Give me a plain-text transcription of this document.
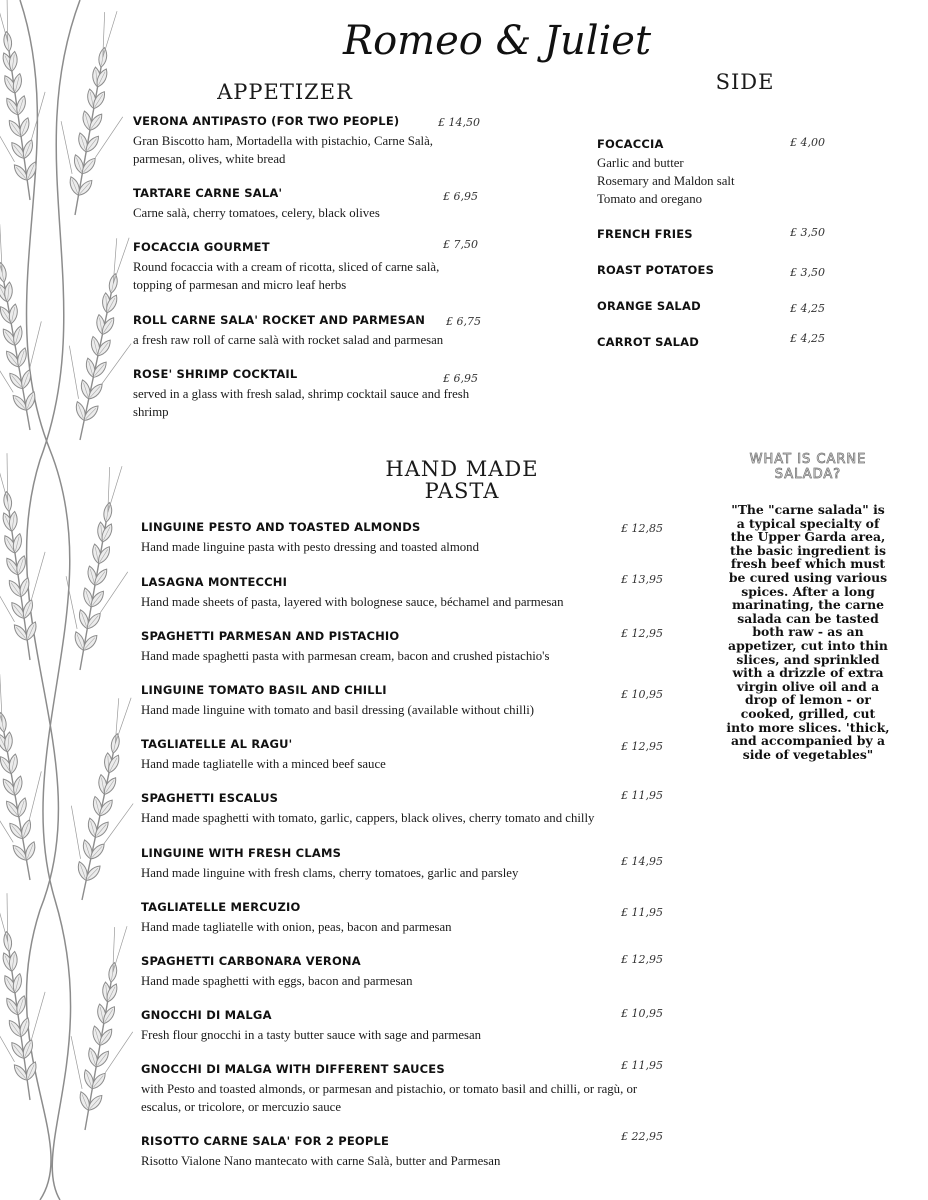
Romeo & Juliet
APPETIZER
VERONA ANTIPASTO (FOR TWO PEOPLE)
Gran Biscotto ham, Mortadella with pistachio, Carne Salà, parmesan, olives, white bread
£ 14,50
TARTARE CARNE SALA'
Carne salà, cherry tomatoes, celery, black olives
£ 6,95
FOCACCIA GOURMET
Round focaccia with a cream of ricotta, sliced of carne salà, topping of parmesan and micro leaf herbs
£ 7,50
ROLL CARNE SALA' ROCKET AND PARMESAN
a fresh raw roll of carne salà with rocket salad and parmesan
£ 6,75
ROSE' SHRIMP COCKTAIL
served in a glass with fresh salad, shrimp cocktail sauce and fresh shrimp
£ 6,95
SIDE
FOCACCIA
Garlic and butter
Rosemary and Maldon salt
Tomato and oregano
£ 4,00
FRENCH FRIES	£ 3,50
ROAST POTATOES	£ 3,50
ORANGE SALAD	£ 4,25
CARROT SALAD	£ 4,25
HAND MADE
PASTA
LINGUINE PESTO AND TOASTED ALMONDS
Hand made linguine pasta with pesto dressing and toasted almond
£ 12,85
LASAGNA MONTECCHI
Hand made sheets of pasta, layered with bolognese sauce, béchamel and parmesan
£ 13,95
SPAGHETTI PARMESAN AND PISTACHIO
Hand made spaghetti pasta with parmesan cream, bacon and crushed pistachio's
£ 12,95
LINGUINE TOMATO BASIL AND CHILLI
Hand made linguine with tomato and basil dressing (available without chilli)
£ 10,95
TAGLIATELLE AL RAGU'
Hand made tagliatelle with a minced beef sauce
£ 12,95
SPAGHETTI ESCALUS
Hand made spaghetti with tomato, garlic, cappers, black olives, cherry tomato and chilly
£ 11,95
LINGUINE WITH FRESH CLAMS
Hand made linguine with fresh clams, cherry tomatoes, garlic and parsley
£ 14,95
TAGLIATELLE MERCUZIO
Hand made tagliatelle with onion, peas, bacon and parmesan
£ 11,95
SPAGHETTI CARBONARA VERONA
Hand made spaghetti with eggs, bacon and parmesan
£ 12,95
GNOCCHI DI MALGA
Fresh flour gnocchi in a tasty butter sauce with sage and parmesan
£ 10,95
GNOCCHI DI MALGA WITH DIFFERENT SAUCES
with Pesto and toasted almonds, or parmesan and pistachio, or tomato basil and chilli, or ragù, or escalus, or tricolore, or mercuzio sauce
£ 11,95
RISOTTO CARNE SALA' FOR 2 PEOPLE
Risotto Vialone Nano mantecato with carne Salà, butter and Parmesan
£ 22,95
WHAT IS CARNE SALADA?
"The "carne salada" is a typical specialty of the Upper Garda area, the basic ingredient is fresh beef which must be cured using various spices. After a long marinating, the carne salada can be tasted both raw - as an appetizer, cut into thin slices, and sprinkled with a drizzle of extra virgin olive oil and a drop of lemon - or cooked, grilled, cut into more slices. 'thick, and accompanied by a side of vegetables"
